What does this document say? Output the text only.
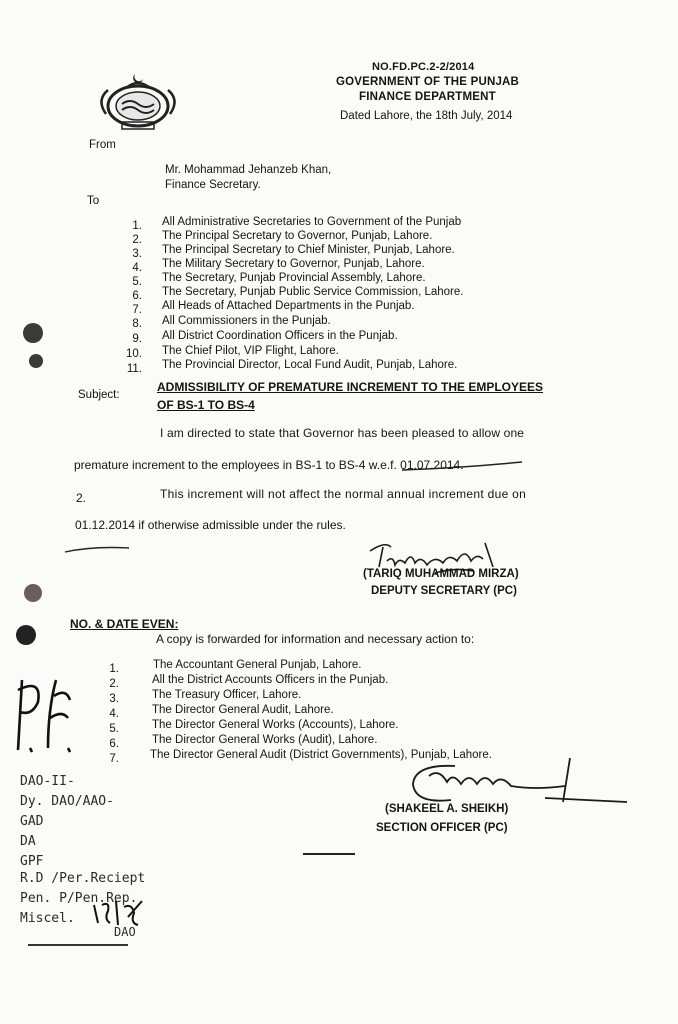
NO.FD.PC.2-2/2014
GOVERNMENT OF THE PUNJAB
FINANCE DEPARTMENT
Dated Lahore, the 18th July, 2014
From
Mr. Mohammad Jehanzeb Khan,
Finance Secretary.
To
1. All Administrative Secretaries to Government of the Punjab
2. The Principal Secretary to Governor, Punjab, Lahore.
3. The Principal Secretary to Chief Minister, Punjab, Lahore.
4. The Military Secretary to Governor, Punjab, Lahore.
5. The Secretary, Punjab Provincial Assembly, Lahore.
6. The Secretary, Punjab Public Service Commission, Lahore.
7. All Heads of Attached Departments in the Punjab.
8. All Commissioners in the Punjab.
9. All District Coordination Officers in the Punjab.
10. The Chief Pilot, VIP Flight, Lahore.
11. The Provincial Director, Local Fund Audit, Punjab, Lahore.
Subject:
ADMISSIBILITY OF PREMATURE INCREMENT TO THE EMPLOYEES
OF BS-1 TO BS-4
I am directed to state that Governor has been pleased to allow one
premature increment to the employees in BS-1 to BS-4 w.e.f. 01.07.2014.
2.	This increment will not affect the normal annual increment due on
01.12.2014 if otherwise admissible under the rules.
(TARIQ MUHAMMAD MIRZA)
DEPUTY SECRETARY (PC)
NO. & DATE EVEN:
A copy is forwarded for information and necessary action to:
1.	The Accountant General Punjab, Lahore.
2.	All the District Accounts Officers in the Punjab.
3.	The Treasury Officer, Lahore.
4.	The Director General Audit, Lahore.
5.	The Director General Works (Accounts), Lahore.
6.	The Director General Works (Audit), Lahore.
7.	The Director General Audit (District Governments), Punjab, Lahore.
(SHAKEEL A. SHEIKH)
SECTION OFFICER (PC)
DAO-II-
Dy. DAO/AAO-
GAD
DA
GPF
R.D /Per.Reciept
Pen. P/Pen.Rep.
Miscel.
DAO
